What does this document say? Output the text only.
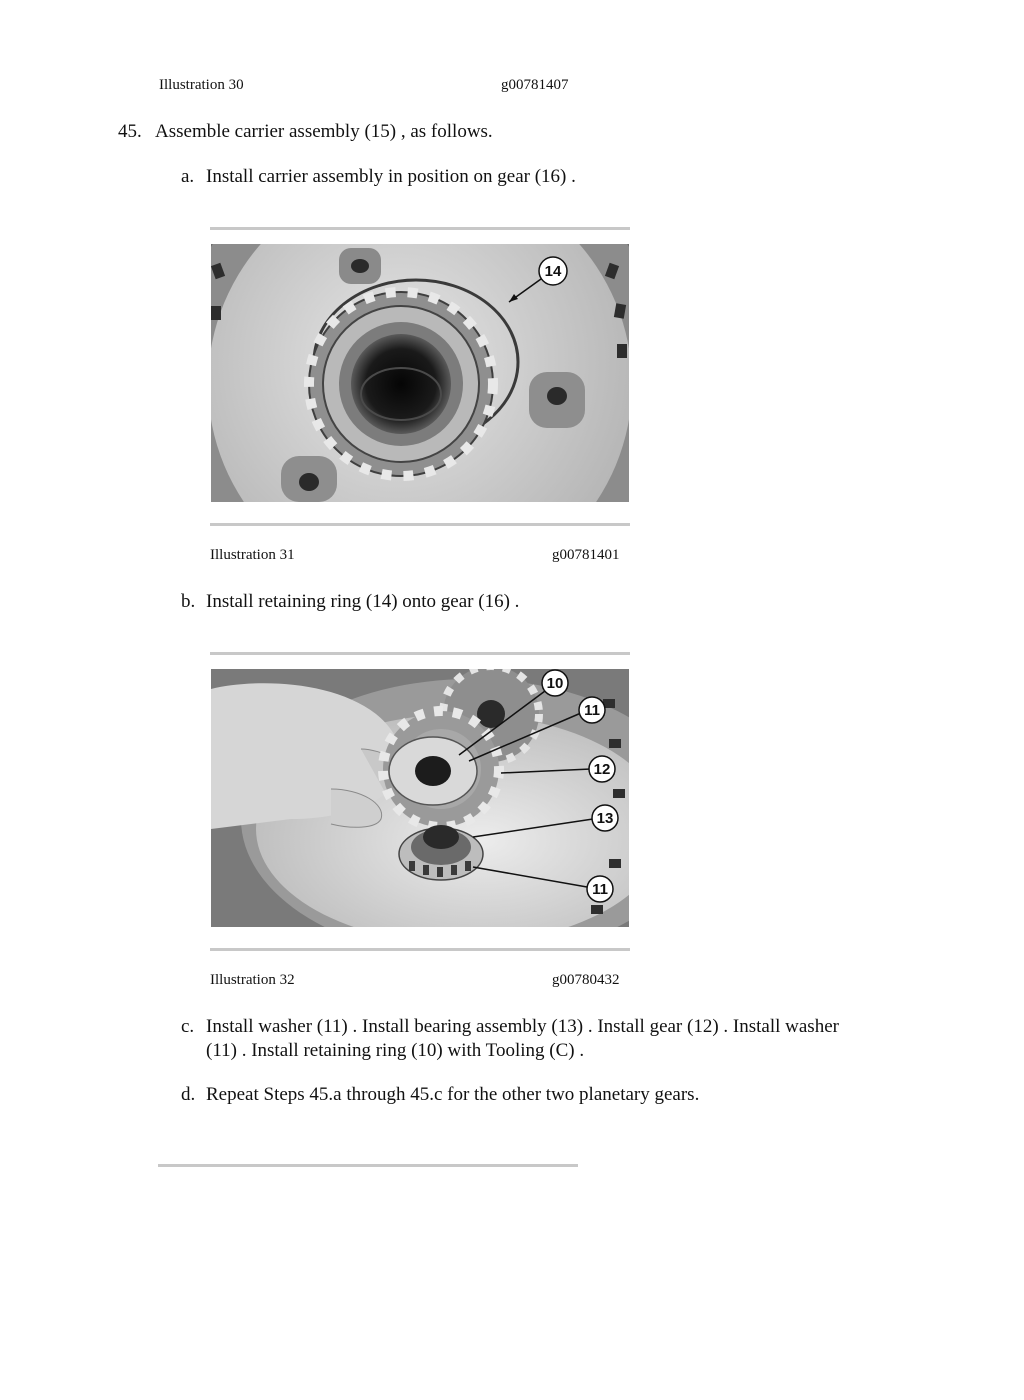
Illustration 30	g00781407
45. Assemble carrier assembly (15) , as follows.
a. Install carrier assembly in position on gear (16) .
14
Illustration 31	g00781401
b. Install retaining ring (14) onto gear (16) .
10
11
12
13
11
Illustration 32	g00780432
c. Install washer (11) . Install bearing assembly (13) . Install gear (12) . Install washer
(11) . Install retaining ring (10) with Tooling (C) .
d. Repeat Steps 45.a through 45.c for the other two planetary gears.
